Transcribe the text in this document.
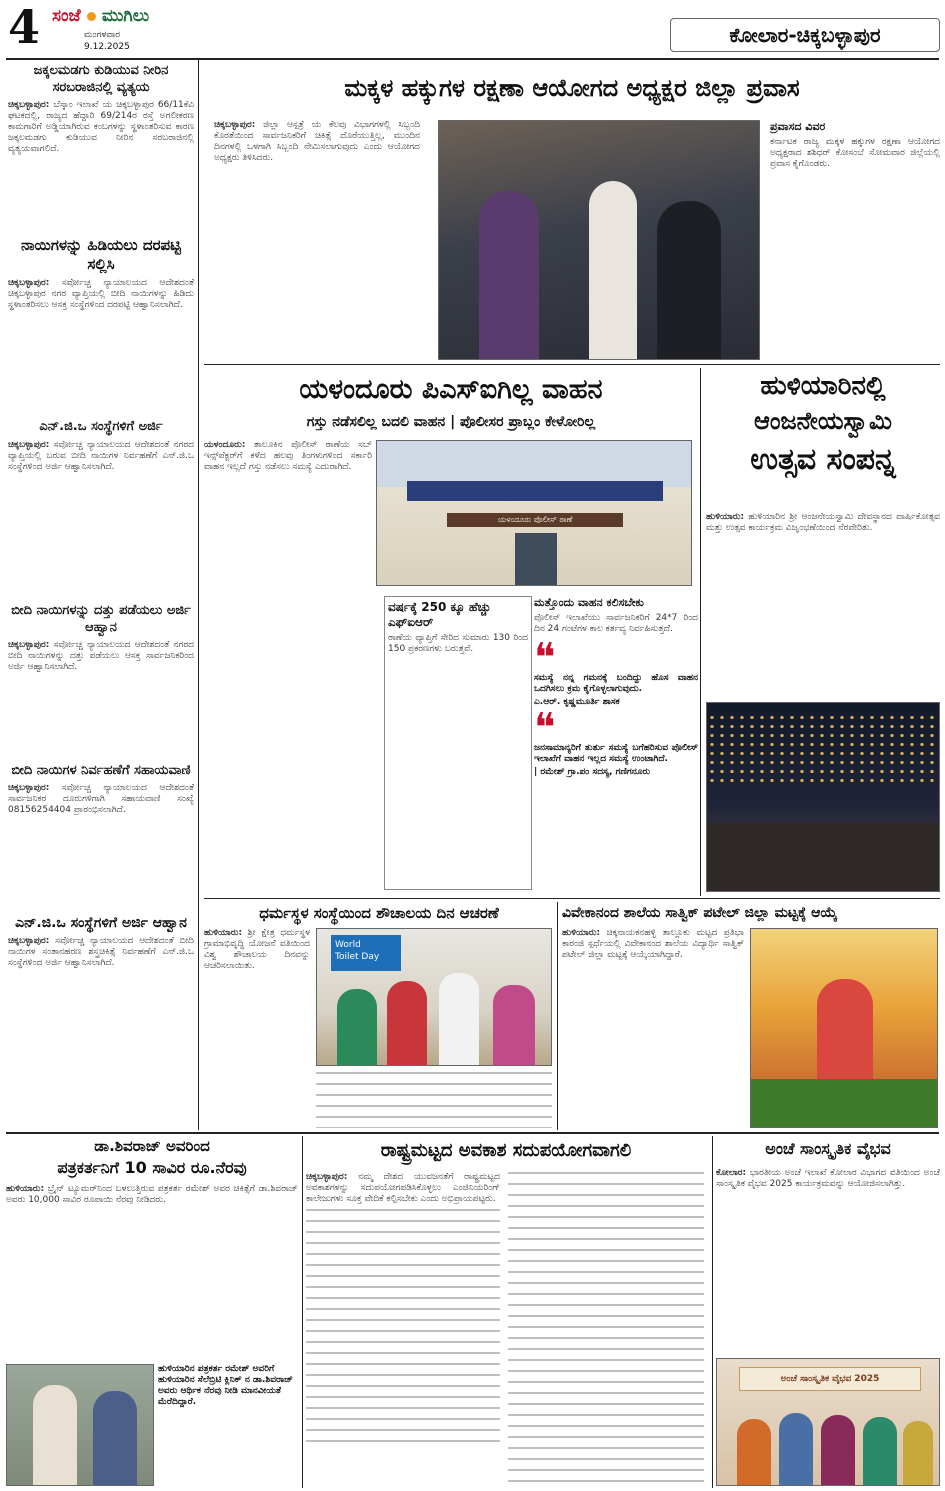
4 ಸಂಜೆ ಮುಗಿಲು
ಮಂಗಳವಾರ
9.12.2025	ಕೋಲಾರ-ಚಿಕ್ಕಬಳ್ಳಾಪುರ
ಜಕ್ಕಲಮಡಗು ಕುಡಿಯುವ ನೀರಿನ ಸರಬರಾಜಿನಲ್ಲಿ ವ್ಯತ್ಯಯ
ಚಿಕ್ಕಬಳ್ಳಾಪುರ: ಬೆಸ್ಕಾಂ ಇಲಾಖೆ ಯ ಚಿಕ್ಕಬಳ್ಳಾಪುರ 66/11ಕೆವಿ ಘಟಕದಲ್ಲಿ, ರಾಜ್ಯದ ಹೆದ್ದಾರಿ 69/214ರ ರಸ್ತೆ ಅಗಲೀಕರಣ ಕಾಮಗಾರಿಗೆ ಅಡ್ಡಿಯಾಗಿರುವ ಕಂಬಗಳನ್ನು ಸ್ಥಳಾಂತರಿಸುವ ಕಾರಣ ಜಕ್ಕಲಮಡಗು ಕುಡಿಯುವ ನೀರಿನ ಸರಬರಾಜಿನಲ್ಲಿ ವ್ಯತ್ಯಯವಾಗಲಿದೆ.
ನಾಯಿಗಳನ್ನು ಹಿಡಿಯಲು ದರಪಟ್ಟಿ ಸಲ್ಲಿಸಿ
ಚಿಕ್ಕಬಳ್ಳಾಪುರ: ಸರ್ವೋಚ್ಚ ನ್ಯಾಯಾಲಯದ ಆದೇಶದಂತೆ ಚಿಕ್ಕಬಳ್ಳಾಪುರ ನಗರ ವ್ಯಾಪ್ತಿಯಲ್ಲಿ ಬೀದಿ ನಾಯಿಗಳನ್ನು ಹಿಡಿದು ಸ್ಥಳಾಂತರಿಸಲು ಆಸಕ್ತ ಸಂಸ್ಥೆಗಳಿಂದ ದರಪಟ್ಟಿ ಆಹ್ವಾನಿಸಲಾಗಿದೆ.
ಎನ್.ಜಿ.ಒ ಸಂಸ್ಥೆಗಳಿಗೆ ಅರ್ಜಿ
ಚಿಕ್ಕಬಳ್ಳಾಪುರ: ಸರ್ವೋಚ್ಚ ನ್ಯಾಯಾಲಯದ ಆದೇಶದಂತೆ ನಗರದ ವ್ಯಾಪ್ತಿಯಲ್ಲಿ ಬರುವ ಬೀದಿ ನಾಯಿಗಳ ನಿರ್ವಹಣೆಗೆ ಎನ್.ಜಿ.ಒ ಸಂಸ್ಥೆಗಳಿಂದ ಅರ್ಜಿ ಆಹ್ವಾನಿಸಲಾಗಿದೆ.
ಬೀದಿ ನಾಯಿಗಳನ್ನು ದತ್ತು ಪಡೆಯಲು ಅರ್ಜಿ ಆಹ್ವಾನ
ಚಿಕ್ಕಬಳ್ಳಾಪುರ: ಸರ್ವೋಚ್ಚ ನ್ಯಾಯಾಲಯದ ಆದೇಶದಂತೆ ನಗರದ ಬೀದಿ ನಾಯಿಗಳನ್ನು ದತ್ತು ಪಡೆಯಲು ಆಸಕ್ತ ಸಾರ್ವಜನಿಕರಿಂದ ಅರ್ಜಿ ಆಹ್ವಾನಿಸಲಾಗಿದೆ.
ಬೀದಿ ನಾಯಿಗಳ ನಿರ್ವಹಣೆಗೆ ಸಹಾಯವಾಣಿ
ಚಿಕ್ಕಬಳ್ಳಾಪುರ: ಸರ್ವೋಚ್ಚ ನ್ಯಾಯಾಲಯದ ಆದೇಶದಂತೆ ಸಾರ್ವಜನಿಕರ ದೂರುಗಳಿಗಾಗಿ ಸಹಾಯವಾಣಿ ಸಂಖ್ಯೆ 08156254404 ಪ್ರಾರಂಭಿಸಲಾಗಿದೆ.
ಎನ್.ಜಿ.ಒ ಸಂಸ್ಥೆಗಳಿಗೆ ಅರ್ಜಿ ಆಹ್ವಾನ
ಚಿಕ್ಕಬಳ್ಳಾಪುರ: ಸರ್ವೋಚ್ಚ ನ್ಯಾಯಾಲಯದ ಆದೇಶದಂತೆ ಬೀದಿ ನಾಯಿಗಳ ಸಂತಾನಹರಣ ಶಸ್ತ್ರಚಿಕಿತ್ಸೆ ನಿರ್ವಹಣೆಗೆ ಎನ್.ಜಿ.ಒ ಸಂಸ್ಥೆಗಳಿಂದ ಅರ್ಜಿ ಆಹ್ವಾನಿಸಲಾಗಿದೆ.
ಮಕ್ಕಳ ಹಕ್ಕುಗಳ ರಕ್ಷಣಾ ಆಯೋಗದ ಅಧ್ಯಕ್ಷರ ಜಿಲ್ಲಾ ಪ್ರವಾಸ
ಚಿಕ್ಕಬಳ್ಳಾಪುರ: ಜಿಲ್ಲಾ ಆಸ್ಪತ್ರೆ ಯ ಕೆಲವು ವಿಭಾಗಗಳಲ್ಲಿ ಸಿಬ್ಬಂದಿ ಕೊರತೆಯಿಂದ ಸಾರ್ವಜನಿಕರಿಗೆ ಚಿಕಿತ್ಸೆ ದೊರೆಯುತ್ತಿಲ್ಲ, ಮುಂದಿನ ದಿನಗಳಲ್ಲಿ ಒಳಗಾಗಿ ಸಿಬ್ಬಂದಿ ನೇಮಿಸಲಾಗುವುದು ಎಂದು ಆಯೋಗದ ಅಧ್ಯಕ್ಷರು ತಿಳಿಸಿದರು.
ಪ್ರವಾಸದ ವಿವರ
ಕರ್ನಾಟಕ ರಾಜ್ಯ ಮಕ್ಕಳ ಹಕ್ಕುಗಳ ರಕ್ಷಣಾ ಆಯೋಗದ ಅಧ್ಯಕ್ಷರಾದ ಶಶಿಧರ್ ಕೋಸಂಬೆ ಸೋಮವಾರ ಜಿಲ್ಲೆಯಲ್ಲಿ ಪ್ರವಾಸ ಕೈಗೊಂಡರು.
ಯಳಂದೂರು ಪಿಎಸ್‌ಐಗಿಲ್ಲ ವಾಹನ
ಗಸ್ತು ನಡೆಸಲಿಲ್ಲ ಬದಲಿ ವಾಹನ | ಪೊಲೀಸರ ಪ್ರಾಬ್ಲಂ ಕೇಳೋರಿಲ್ಲ
ಯಳಂದೂರು: ತಾಲೂಕಿನ ಪೊಲೀಸ್ ಠಾಣೆಯ ಸಬ್ ಇನ್ಸ್‌ಪೆಕ್ಟರ್‌ಗೆ ಕಳೆದ ಹಲವು ತಿಂಗಳುಗಳಿಂದ ಸರ್ಕಾರಿ ವಾಹನ ಇಲ್ಲದೆ ಗಸ್ತು ನಡೆಸಲು ಸಮಸ್ಯೆ ಎದುರಾಗಿದೆ.
ಯಳಂದೂರು ಪೊಲೀಸ್ ಠಾಣೆ
ವರ್ಷಕ್ಕೆ 250 ಕ್ಕೂ ಹೆಚ್ಚು ಎಫ್‌ಐಆರ್
ಠಾಣೆಯ ವ್ಯಾಪ್ತಿಗೆ ಸೇರಿದ ಸುಮಾರು 130 ರಿಂದ 150 ಪ್ರಕರಣಗಳು ಬರುತ್ತವೆ.
ಮತ್ತೊಂದು ವಾಹನ ಕಲಿಸಬೇಕು
ಪೊಲೀಸ್ ಇಲಾಖೆಯು ಸಾರ್ವಜನಿಕರಿಗೆ 24*7 ರಿಂದ ದಿನ 24 ಗಂಟೆಗಳ ಕಾಲ ಕರ್ತವ್ಯ ನಿರ್ವಹಿಸುತ್ತದೆ.
❝
ಸಮಸ್ಯೆ ನನ್ನ ಗಮನಕ್ಕೆ ಬಂದಿದ್ದು ಹೊಸ ವಾಹನ ಒದಗಿಸಲು ಕ್ರಮ ಕೈಗೊಳ್ಳಲಾಗುವುದು.
ಎ.ಆರ್. ಕೃಷ್ಣಮೂರ್ತಿ ಶಾಸಕ
❝
ಜನಸಾಮಾನ್ಯರಿಗೆ ತುರ್ತು ಸಮಸ್ಯೆ ಬಗೆಹರಿಸುವ ಪೊಲೀಸ್ ಇಲಾಖೆಗೆ ವಾಹನ ಇಲ್ಲದ ಸಮಸ್ಯೆ ಉಂಟಾಗಿದೆ.
| ರಮೇಶ್ ಗ್ರಾ.ಪಂ ಸದಸ್ಯ, ಗಣಿಗನೂರು
ಹುಳಿಯಾರಿನಲ್ಲಿ
ಆಂಜನೇಯಸ್ವಾಮಿ
ಉತ್ಸವ ಸಂಪನ್ನ
ಹುಳಿಯಾರು: ಹುಳಿಯಾರಿನ ಶ್ರೀ ಆಂಜನೇಯಸ್ವಾಮಿ ದೇವಸ್ಥಾನದ ವಾರ್ಷಿಕೋತ್ಸವ ಮತ್ತು ಉತ್ಸವ ಕಾರ್ಯಕ್ರಮ ವಿಜೃಂಭಣೆಯಿಂದ ನೆರವೇರಿತು.
ಧರ್ಮಸ್ಥಳ ಸಂಸ್ಥೆಯಿಂದ ಶೌಚಾಲಯ ದಿನ ಆಚರಣೆ
ಹುಳಿಯಾರು: ಶ್ರೀ ಕ್ಷೇತ್ರ ಧರ್ಮಸ್ಥಳ ಗ್ರಾಮಾಭಿವೃದ್ಧಿ ಯೋಜನೆ ವತಿಯಿಂದ ವಿಶ್ವ ಶೌಚಾಲಯ ದಿನವನ್ನು ಆಚರಿಸಲಾಯಿತು.
World
Toilet Day
ವಿವೇಕಾನಂದ ಶಾಲೆಯ ಸಾತ್ವಿಕ್ ಪಟೇಲ್ ಜಿಲ್ಲಾ ಮಟ್ಟಕ್ಕೆ ಆಯ್ಕೆ
ಹುಳಿಯಾರು: ಚಿಕ್ಕನಾಯಕನಹಳ್ಳಿ ತಾಲ್ಲೂಕು ಮಟ್ಟದ ಪ್ರತಿಭಾ ಕಾರಂಜಿ ಸ್ಪರ್ಧೆಯಲ್ಲಿ ವಿವೇಕಾನಂದ ಶಾಲೆಯ ವಿದ್ಯಾರ್ಥಿ ಸಾತ್ವಿಕ್ ಪಟೇಲ್ ಜಿಲ್ಲಾ ಮಟ್ಟಕ್ಕೆ ಆಯ್ಕೆಯಾಗಿದ್ದಾರೆ.
ಡಾ.ಶಿವರಾಜ್ ಅವರಿಂದ
ಪತ್ರಕರ್ತನಿಗೆ 10 ಸಾವಿರ ರೂ.ನೆರವು
ಹುಳಿಯಾರು: ಬ್ರೈನ್ ಟ್ಯೂಮರ್‌ನಿಂದ ಬಳಲುತ್ತಿರುವ ಪತ್ರಕರ್ತ ರಮೇಶ್ ಅವರ ಚಿಕಿತ್ಸೆಗೆ ಡಾ.ಶಿವರಾಜ್ ಅವರು 10,000 ಸಾವಿರ ರೂಪಾಯಿ ನೆರವು ನೀಡಿದರು.
ಹುಳಿಯಾರಿನ ಪತ್ರಕರ್ತ ರಮೇಶ್ ಅವರಿಗೆ ಹುಳಿಯಾರಿನ ಸೆಲೆಬ್ರಿಟಿ ಕ್ಲಿನಿಕ್ ನ ಡಾ.ಶಿವರಾಜ್ ಅವರು ಆರ್ಥಿಕ ನೆರವು ನೀಡಿ ಮಾನವೀಯತೆ ಮೆರೆದಿದ್ದಾರೆ.
ರಾಷ್ಟ್ರಮಟ್ಟದ ಅವಕಾಶ ಸದುಪಯೋಗವಾಗಲಿ
ಚಿಕ್ಕಬಳ್ಳಾಪುರ: ನಮ್ಮ ದೇಶದ ಯುವಜನತೆಗೆ ರಾಷ್ಟ್ರಮಟ್ಟದ ಅವಕಾಶಗಳನ್ನು ಸದುಪಯೋಗಪಡಿಸಿಕೊಳ್ಳಲು ಎಂಜಿನಿಯರಿಂಗ್ ಕಾಲೇಜುಗಳು ಸೂಕ್ತ ವೇದಿಕೆ ಕಲ್ಪಿಸಬೇಕು ಎಂದು ಅಭಿಪ್ರಾಯಪಟ್ಟರು.
ಅಂಚೆ ಸಾಂಸ್ಕೃತಿಕ ವೈಭವ
ಕೋಲಾರ: ಭಾರತೀಯ ಅಂಚೆ ಇಲಾಖೆ ಕೋಲಾರ ವಿಭಾಗದ ವತಿಯಿಂದ ಅಂಚೆ ಸಾಂಸ್ಕೃತಿಕ ವೈಭವ 2025 ಕಾರ್ಯಕ್ರಮವನ್ನು ಆಯೋಜಿಸಲಾಗಿತ್ತು.
ಅಂಚೆ ಸಾಂಸ್ಕೃತಿಕ ವೈಭವ 2025
